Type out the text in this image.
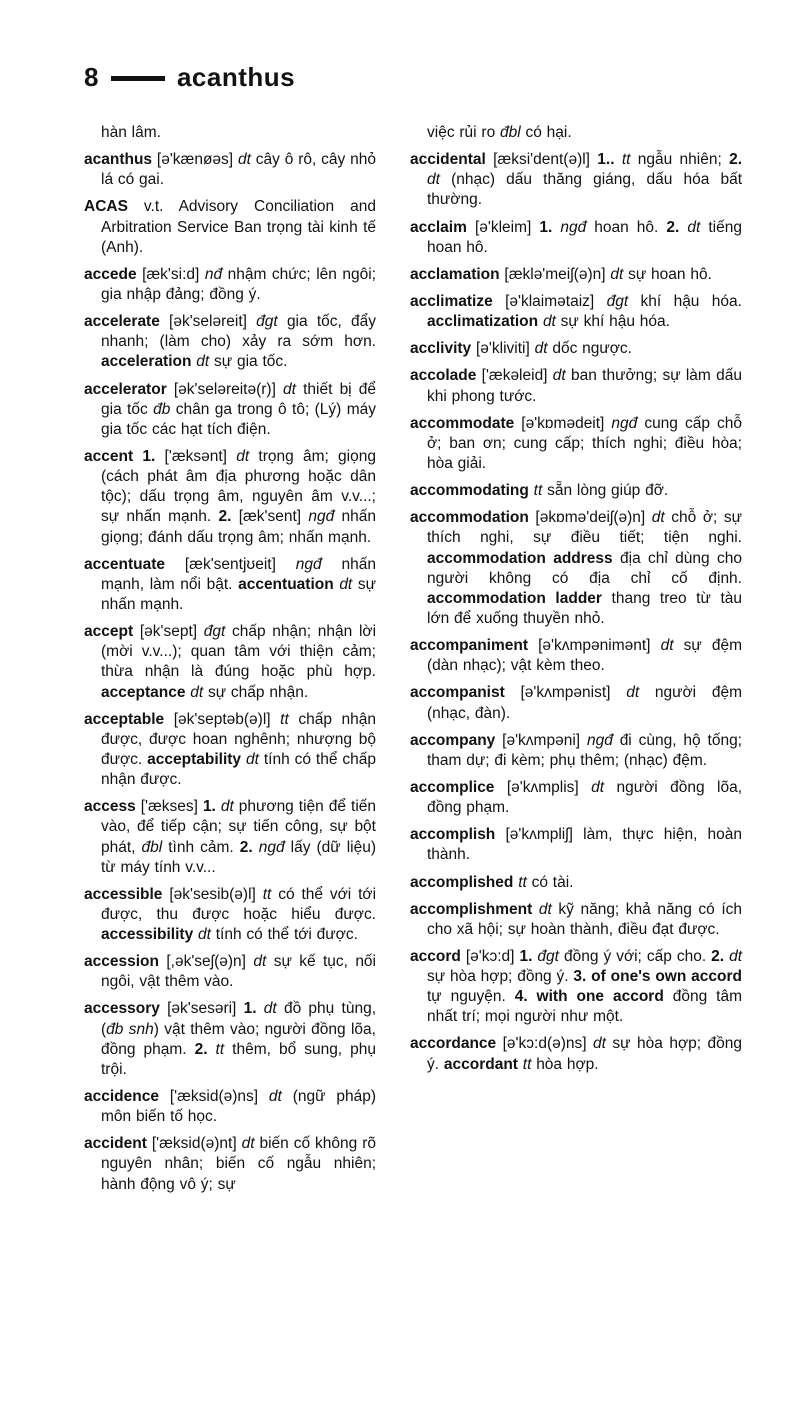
8	acanthus

hàn lâm.

acanthus [ə'kænøəs] dt cây ô rô, cây nhỏ lá có gai.

ACAS v.t. Advisory Conciliation and Arbitration Service Ban trọng tài kinh tế (Anh).

accede [æk'si:d] nđ nhậm chức; lên ngôi; gia nhập đảng; đồng ý.

accelerate [ək'seləreit] đgt gia tốc, đẩy nhanh; (làm cho) xảy ra sớm hơn. acceleration dt sự gia tốc.

accelerator [ək'seləreitə(r)] dt thiết bị để gia tốc đb chân ga trong ô tô; (Lý) máy gia tốc các hạt tích điện.

accent 1. ['æksənt] dt trọng âm; giọng (cách phát âm địa phương hoặc dân tộc); dấu trọng âm, nguyên âm v.v...; sự nhấn mạnh. 2. [æk'sent] ngđ nhấn giọng; đánh dấu trọng âm; nhấn mạnh.

accentuate [æk'sentjʊeit] ngđ nhấn mạnh, làm nổi bật. accentuation dt sự nhấn mạnh.

accept [ək'sept] đgt chấp nhận; nhận lời (mời v.v...); quan tâm với thiện cảm; thừa nhận là đúng hoặc phù hợp. acceptance dt sự chấp nhận.

acceptable [ək'septəb(ə)l] tt chấp nhận được, được hoan nghênh; nhượng bộ được. acceptability dt tính có thể chấp nhận được.

access ['ækses] 1. dt phương tiện để tiến vào, để tiếp cận; sự tiến công, sự bột phát, đbl tình cảm. 2. ngđ lấy (dữ liệu) từ máy tính v.v...

accessible [ək'sesib(ə)l] tt có thể với tới được, thu được hoặc hiểu được. accessibility dt tính có thể tới được.

accession [,ək'seʃ(ə)n] dt sự kế tục, nối ngôi, vật thêm vào.

accessory [ək'sesəri] 1. dt đồ phụ tùng, (đb snh) vật thêm vào; người đồng lõa, đồng phạm. 2. tt thêm, bổ sung, phụ trội.

accidence ['æksid(ə)ns] dt (ngữ pháp) môn biến tố học.

accident ['æksid(ə)nt] dt biến cố không rõ nguyên nhân; biến cố ngẫu nhiên; hành động vô ý; sự

việc rủi ro đbl có hại.

accidental [æksi'dent(ə)l] 1.. tt ngẫu nhiên; 2. dt (nhạc) dấu thăng giáng, dấu hóa bất thường.

acclaim [ə'kleim] 1. ngđ hoan hô. 2. dt tiếng hoan hô.

acclamation [æklə'meiʃ(ə)n] dt sự hoan hô.

acclimatize [ə'klaimətaiz] đgt khí hậu hóa. acclimatization dt sự khí hậu hóa.

acclivity [ə'kliviti] dt dốc ngược.

accolade ['ækəleid] dt ban thưởng; sự làm dấu khi phong tước.

accommodate [ə'kɒmədeit] ngđ cung cấp chỗ ở; ban ơn; cung cấp; thích nghi; điều hòa; hòa giải.

accommodating tt sẵn lòng giúp đỡ.

accommodation [əkɒmə'deiʃ(ə)n] dt chỗ ở; sự thích nghi, sự điều tiết; tiện nghi. accommodation address địa chỉ dùng cho người không có địa chỉ cố định. accommodation ladder thang treo từ tàu lớn để xuống thuyền nhỏ.

accompaniment [ə'kʌmpənimənt] dt sự đệm (dàn nhạc); vật kèm theo.

accompanist [ə'kʌmpənist] dt người đệm (nhạc, đàn).

accompany [ə'kʌmpəni] ngđ đi cùng, hộ tống; tham dự; đi kèm; phụ thêm; (nhạc) đệm.

accomplice [ə'kʌmplis] dt người đồng lõa, đồng phạm.

accomplish [ə'kʌmpliʃ] làm, thực hiện, hoàn thành.

accomplished tt có tài.

accomplishment dt kỹ năng; khả năng có ích cho xã hội; sự hoàn thành, điều đạt được.

accord [ə'kɔ:d] 1. đgt đồng ý với; cấp cho. 2. dt sự hòa hợp; đồng ý. 3. of one's own accord tự nguyện. 4. with one accord đồng tâm nhất trí; mọi người như một.

accordance [ə'kɔ:d(ə)ns] dt sự hòa hợp; đồng ý. accordant tt hòa hợp.
